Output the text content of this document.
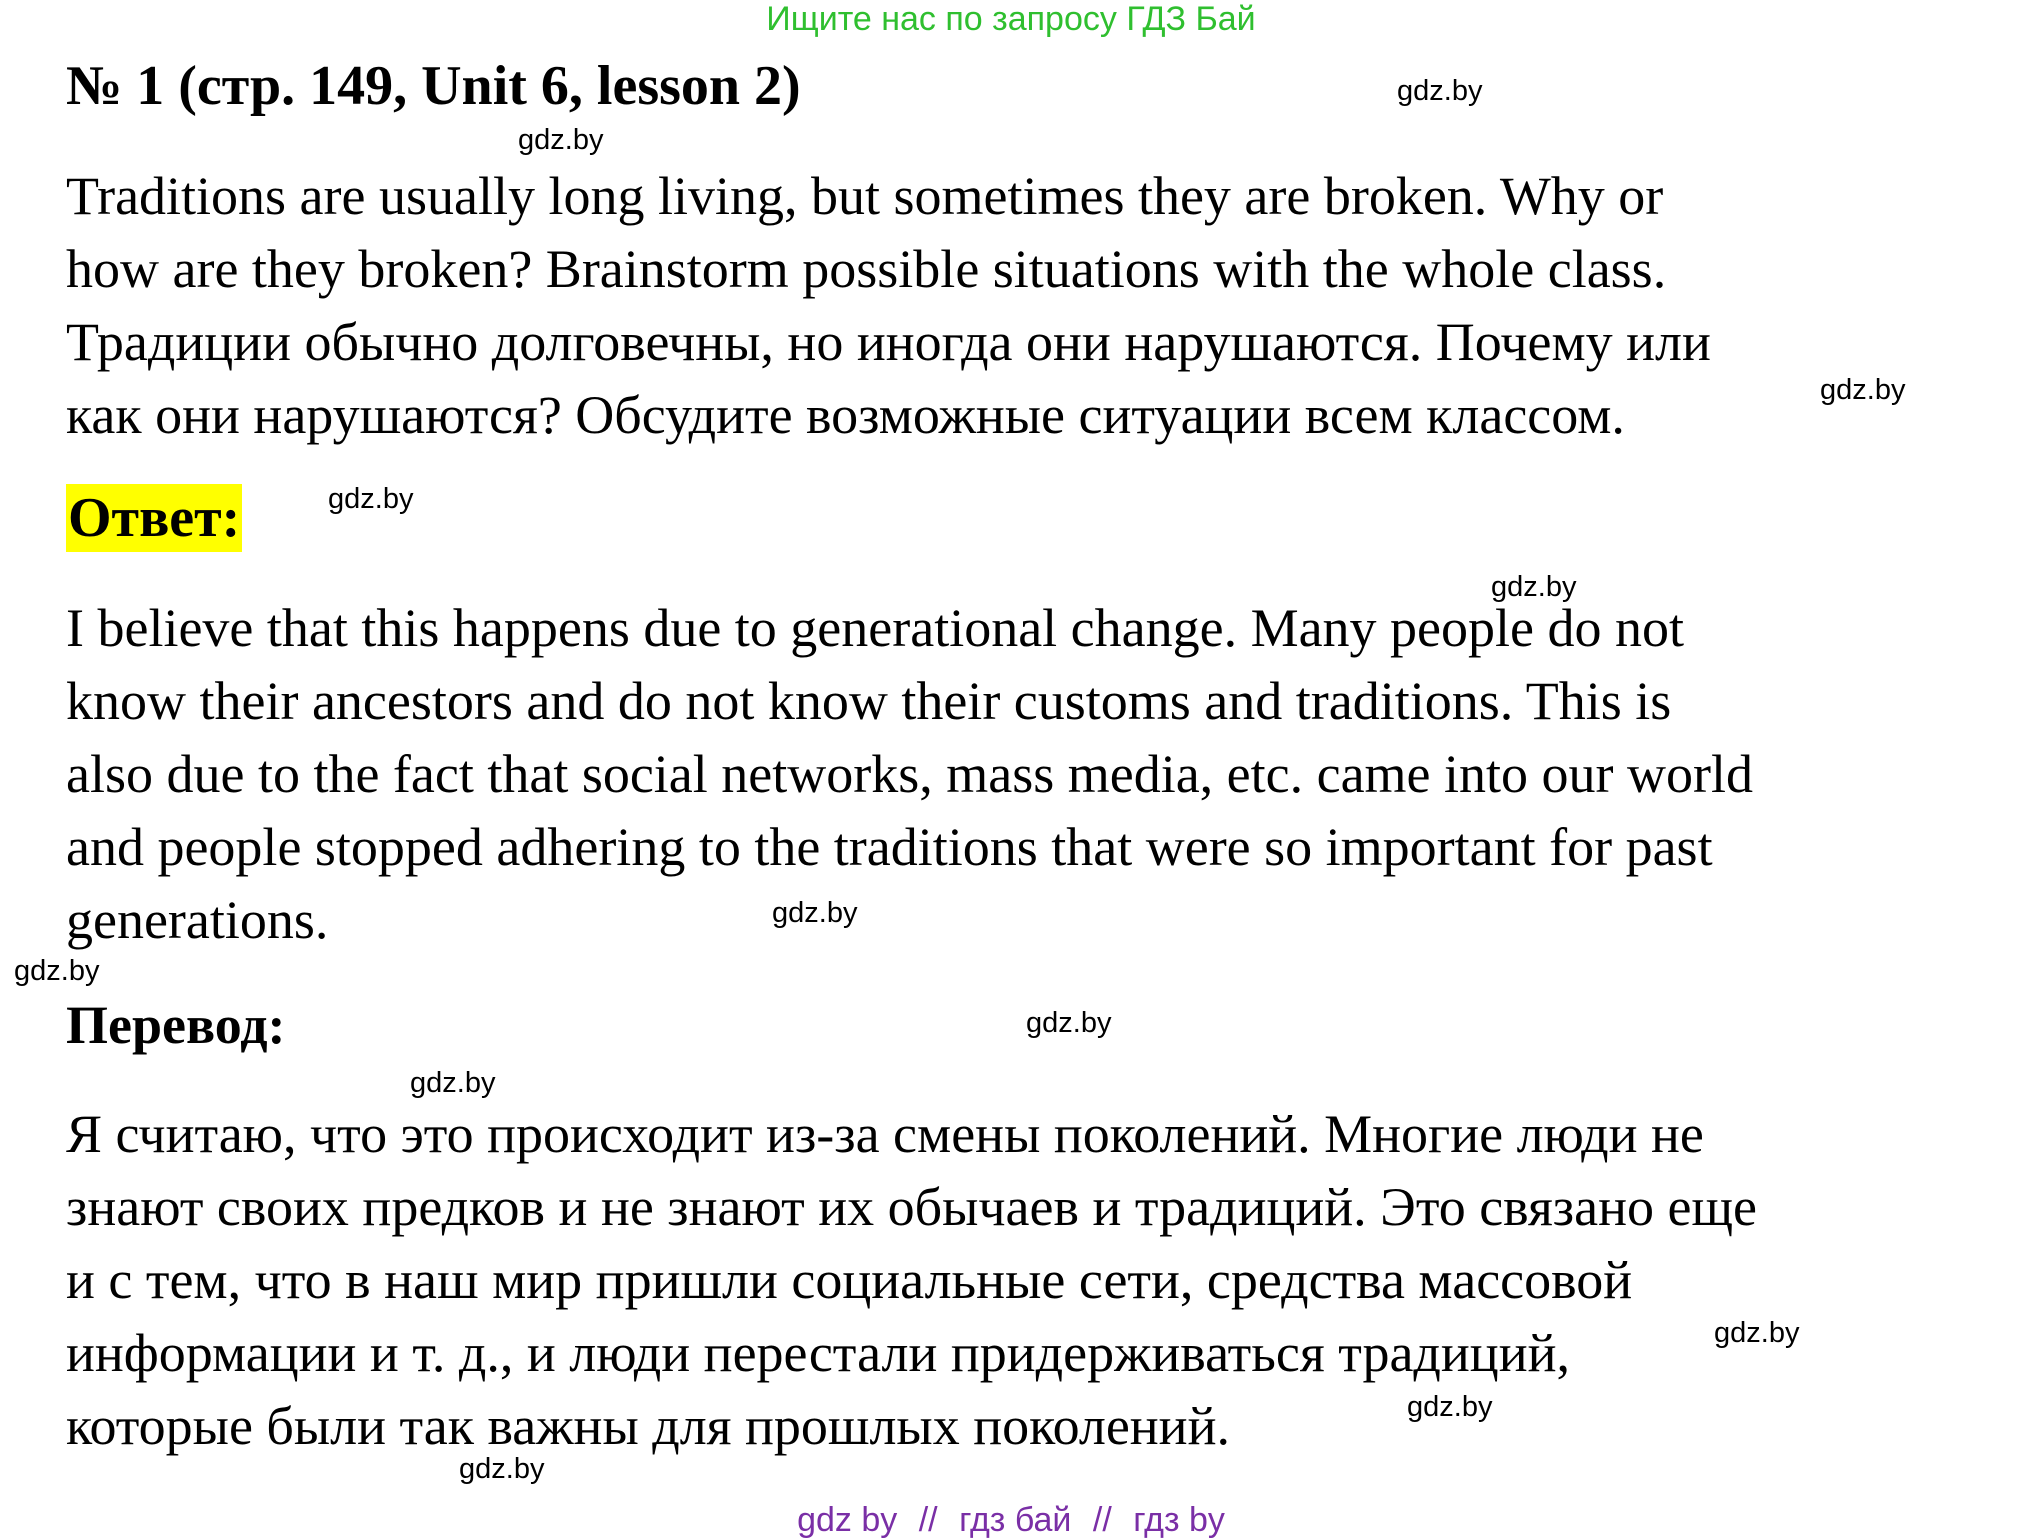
Ищите нас по запросу ГДЗ Бай
№ 1 (стр. 149, Unit 6, lesson 2)
Traditions are usually long living, but sometimes they are broken. Why or
how are they broken? Brainstorm possible situations with the whole class.
Традиции обычно долговечны, но иногда они нарушаются. Почему или
как они нарушаются? Обсудите возможные ситуации всем классом.
Ответ:
I believe that this happens due to generational change. Many people do not
know their ancestors and do not know their customs and traditions. This is
also due to the fact that social networks, mass media, etc. came into our world
and people stopped adhering to the traditions that were so important for past
generations.
Перевод:
Я считаю, что это происходит из-за смены поколений. Многие люди не
знают своих предков и не знают их обычаев и традиций. Это связано еще
и с тем, что в наш мир пришли социальные сети, средства массовой
информации и т. д., и люди перестали придерживаться традиций,
которые были так важны для прошлых поколений.
gdz.by
gdz.by
gdz.by
gdz.by
gdz.by
gdz.by
gdz.by
gdz.by
gdz.by
gdz.by
gdz.by
gdz.by
gdz by // гдз бай // гдз by
